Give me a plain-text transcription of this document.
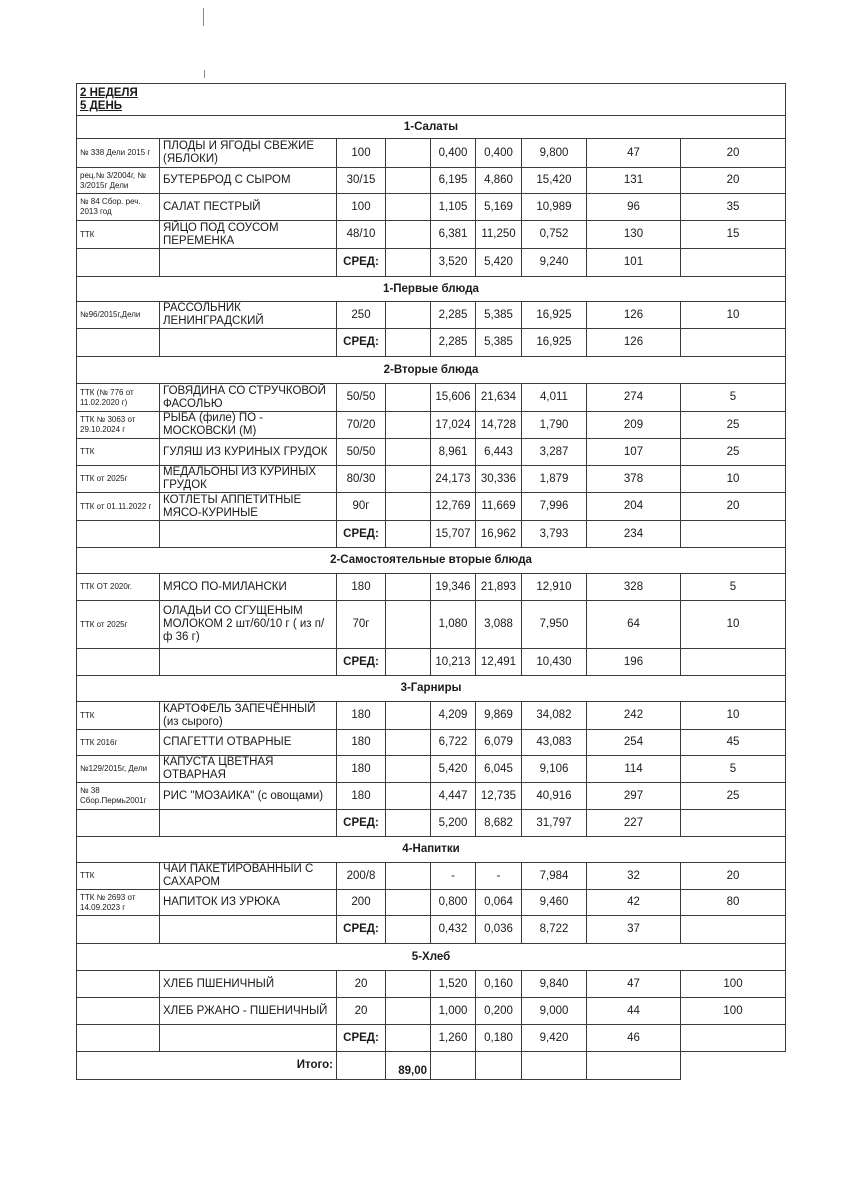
2 НЕДЕЛЯ
5 ДЕНЬ								

1-Салаты								
№ 338 Дели 2015 г	ПЛОДЫ И ЯГОДЫ СВЕЖИЕ (ЯБЛОКИ)	100		0,400	0,400	9,800	47	20
рец.№ 3/2004г, № 3/2015г Дели	БУТЕРБРОД С СЫРОМ	30/15		6,195	4,860	15,420	131	20
№ 84 Сбор. реч. 2013 год	САЛАТ ПЕСТРЫЙ	100		1,105	5,169	10,989	96	35
ТТК	ЯЙЦО ПОД СОУСОМ ПЕРЕМЕНКА	48/10		6,381	11,250	0,752	130	15
		СРЕД:		3,520	5,420	9,240	101	
1-Первые блюда								
№96/2015г,Дели	РАССОЛЬНИК ЛЕНИНГРАДСКИЙ	250		2,285	5,385	16,925	126	10
		СРЕД:		2,285	5,385	16,925	126	
2-Вторые блюда								
ТТК (№ 776 от 11.02.2020 г)	ГОВЯДИНА СО СТРУЧКОВОЙ ФАСОЛЬЮ	50/50		15,606	21,634	4,011	274	5
ТТК № 3063 от 29.10.2024 г	РЫБА (филе) ПО - МОСКОВСКИ (М)	70/20		17,024	14,728	1,790	209	25
ТТК	ГУЛЯШ ИЗ КУРИНЫХ ГРУДОК	50/50		8,961	6,443	3,287	107	25
ТТК от 2025г	МЕДАЛЬОНЫ ИЗ КУРИНЫХ ГРУДОК	80/30		24,173	30,336	1,879	378	10
ТТК от 01.11.2022 г	КОТЛЕТЫ АППЕТИТНЫЕ МЯСО-КУРИНЫЕ	90г		12,769	11,669	7,996	204	20
		СРЕД:		15,707	16,962	3,793	234	
2-Самостоятельные вторые блюда								
ТТК ОТ 2020г.	МЯСО ПО-МИЛАНСКИ	180		19,346	21,893	12,910	328	5
ТТК от 2025г	ОЛАДЬИ СО СГУЩЕНЫМ МОЛОКОМ 2 шт/60/10 г ( из п/ф 36 г)	70г		1,080	3,088	7,950	64	10
		СРЕД:		10,213	12,491	10,430	196	
3-Гарниры								
ТТК	КАРТОФЕЛЬ ЗАПЕЧЁННЫЙ (из сырого)	180		4,209	9,869	34,082	242	10
ТТК 2016г	СПАГЕТТИ ОТВАРНЫЕ	180		6,722	6,079	43,083	254	45
№129/2015г, Дели	КАПУСТА ЦВЕТНАЯ ОТВАРНАЯ	180		5,420	6,045	9,106	114	5
№ 38 Сбор.Пермь2001г	РИС "МОЗАИКА" (с овощами)	180		4,447	12,735	40,916	297	25
		СРЕД:		5,200	8,682	31,797	227	
4-Напитки								
ТТК	ЧАЙ ПАКЕТИРОВАННЫЙ С САХАРОМ	200/8		-	-	7,984	32	20
ТТК № 2693 от 14.09.2023 г	НАПИТОК ИЗ УРЮКА	200		0,800	0,064	9,460	42	80
		СРЕД:		0,432	0,036	8,722	37	
5-Хлеб								
	ХЛЕБ ПШЕНИЧНЫЙ	20		1,520	0,160	9,840	47	100
	ХЛЕБ РЖАНО - ПШЕНИЧНЫЙ	20		1,000	0,200	9,000	44	100
		СРЕД:		1,260	0,180	9,420	46	
Итого:			89,00					
